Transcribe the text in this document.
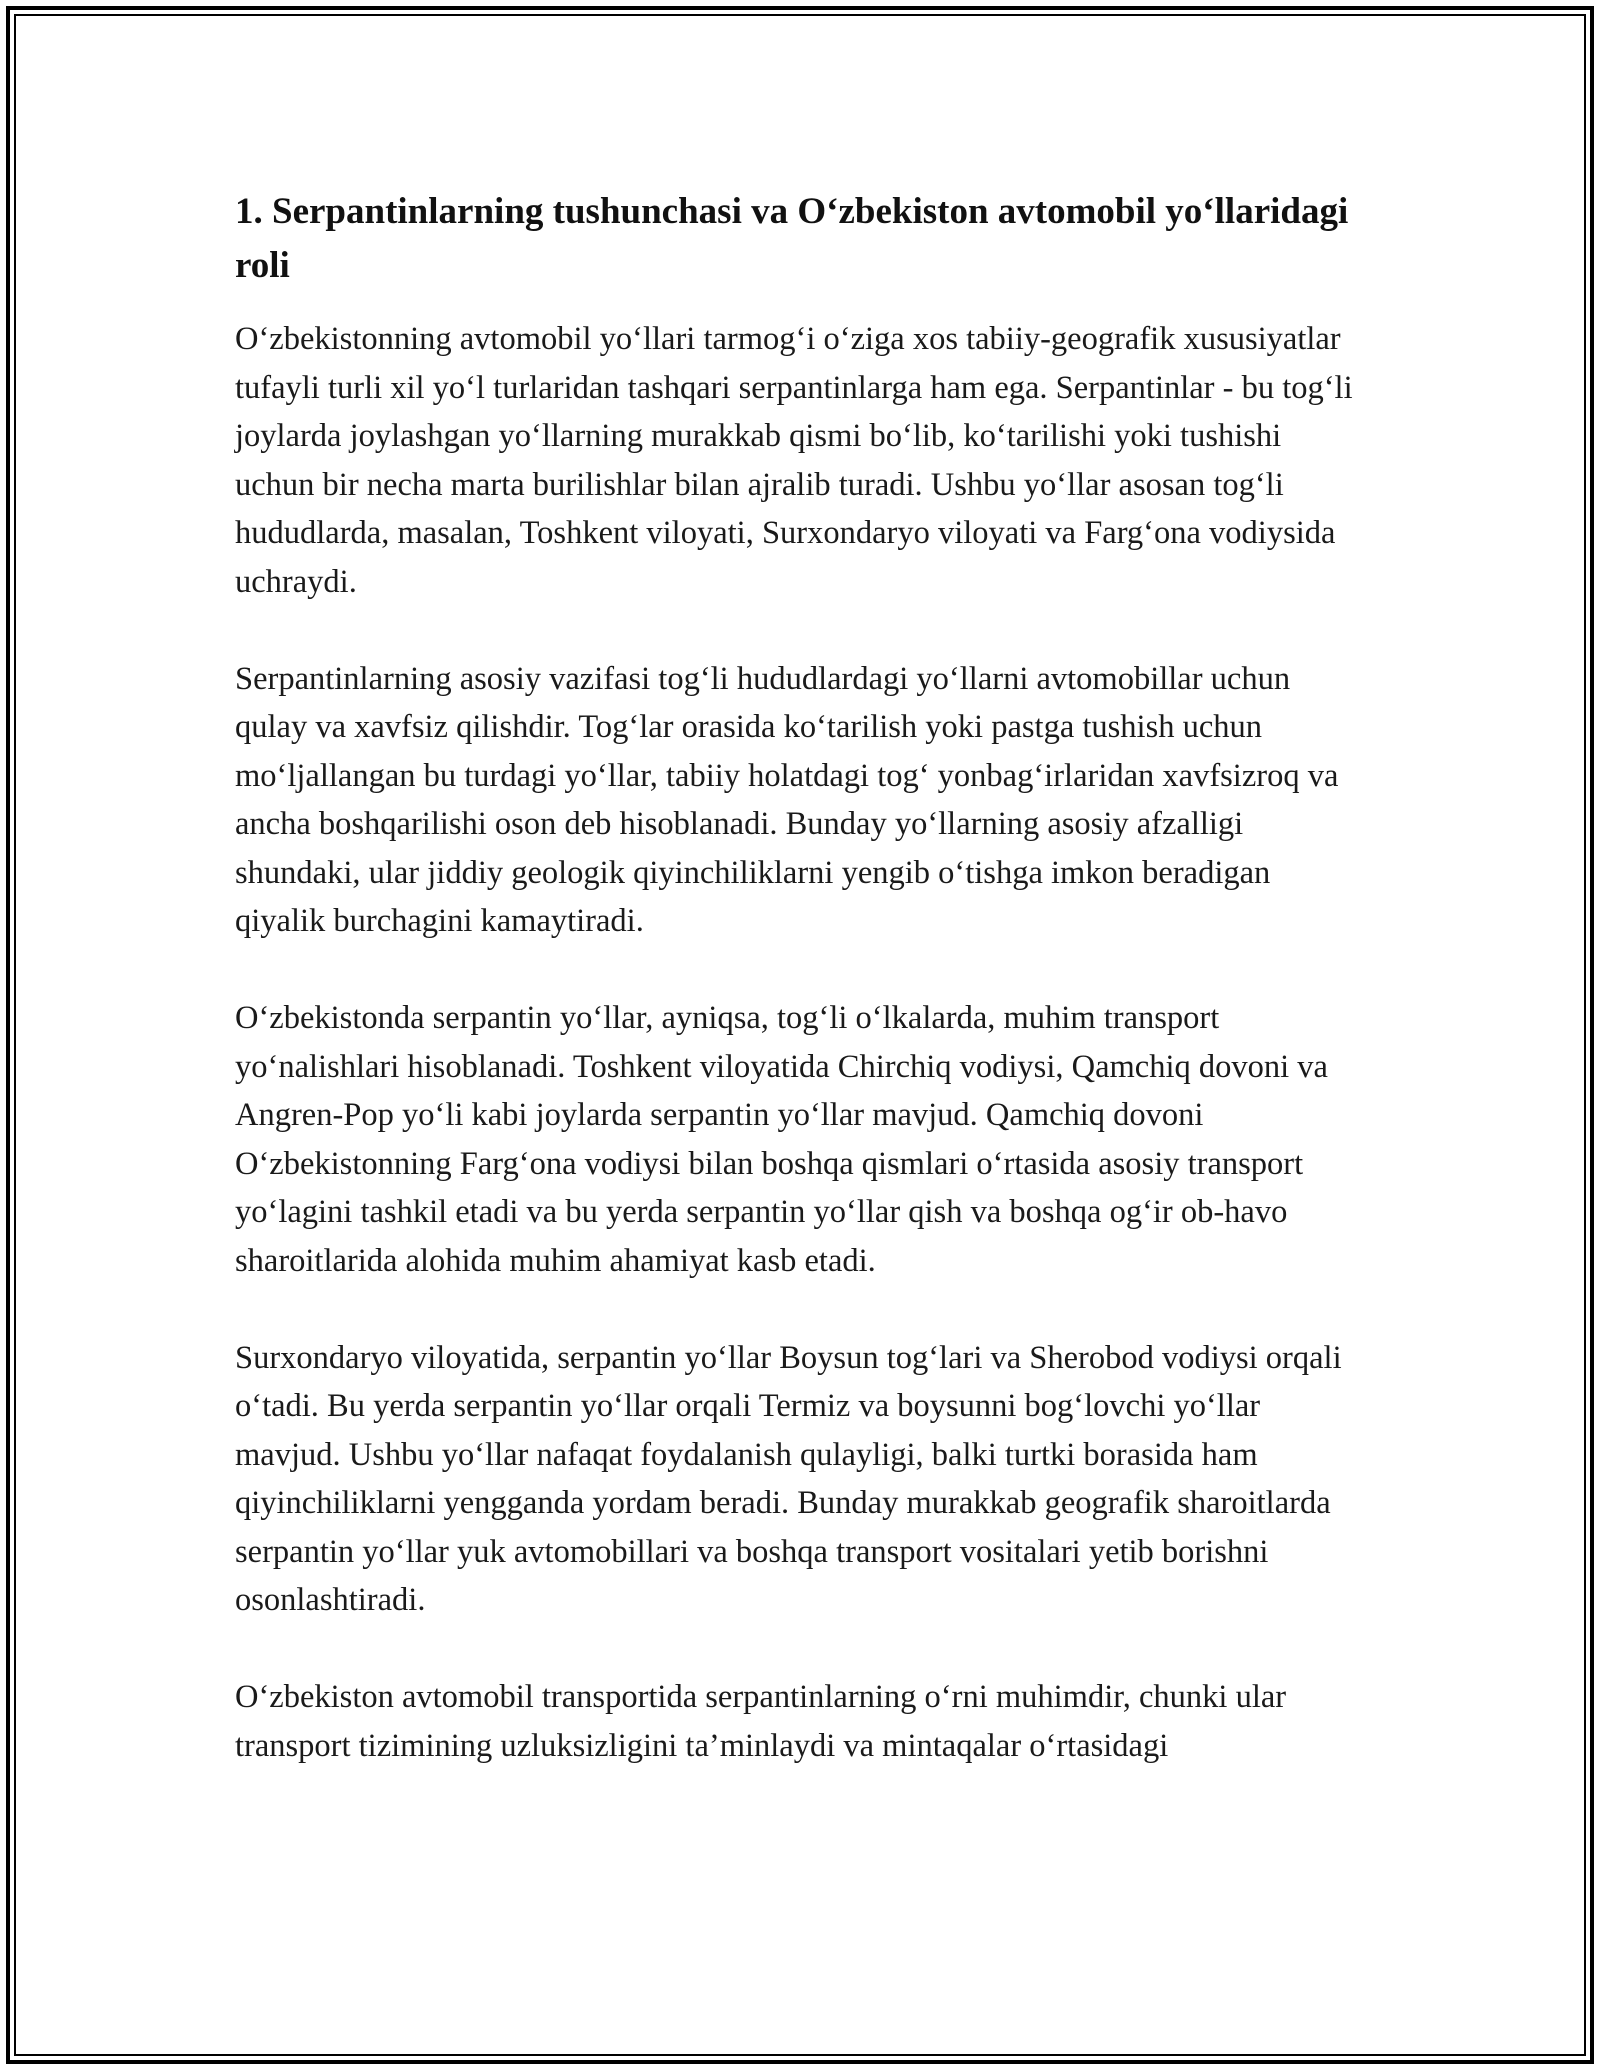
1. Serpantinlarning tushunchasi va O‘zbekiston avtomobil yo‘llaridagi roli

O‘zbekistonning avtomobil yo‘llari tarmog‘i o‘ziga xos tabiiy-geografik xususiyatlar tufayli turli xil yo‘l turlaridan tashqari serpantinlarga ham ega. Serpantinlar - bu tog‘li joylarda joylashgan yo‘llarning murakkab qismi bo‘lib, ko‘tarilishi yoki tushishi uchun bir necha marta burilishlar bilan ajralib turadi. Ushbu yo‘llar asosan tog‘li hududlarda, masalan, Toshkent viloyati, Surxondaryo viloyati va Farg‘ona vodiysida uchraydi.

Serpantinlarning asosiy vazifasi tog‘li hududlardagi yo‘llarni avtomobillar uchun qulay va xavfsiz qilishdir. Tog‘lar orasida ko‘tarilish yoki pastga tushish uchun mo‘ljallangan bu turdagi yo‘llar, tabiiy holatdagi tog‘ yonbag‘irlaridan xavfsizroq va ancha boshqarilishi oson deb hisoblanadi. Bunday yo‘llarning asosiy afzalligi shundaki, ular jiddiy geologik qiyinchiliklarni yengib o‘tishga imkon beradigan qiyalik burchagini kamaytiradi.

O‘zbekistonda serpantin yo‘llar, ayniqsa, tog‘li o‘lkalarda, muhim transport yo‘nalishlari hisoblanadi. Toshkent viloyatida Chirchiq vodiysi, Qamchiq dovoni va Angren-Pop yo‘li kabi joylarda serpantin yo‘llar mavjud. Qamchiq dovoni O‘zbekistonning Farg‘ona vodiysi bilan boshqa qismlari o‘rtasida asosiy transport yo‘lagini tashkil etadi va bu yerda serpantin yo‘llar qish va boshqa og‘ir ob-havo sharoitlarida alohida muhim ahamiyat kasb etadi.

Surxondaryo viloyatida, serpantin yo‘llar Boysun tog‘lari va Sherobod vodiysi orqali o‘tadi. Bu yerda serpantin yo‘llar orqali Termiz va boysunni bog‘lovchi yo‘llar mavjud. Ushbu yo‘llar nafaqat foydalanish qulayligi, balki turtki borasida ham qiyinchiliklarni yengganda yordam beradi. Bunday murakkab geografik sharoitlarda serpantin yo‘llar yuk avtomobillari va boshqa transport vositalari yetib borishni osonlashtiradi.

O‘zbekiston avtomobil transportida serpantinlarning o‘rni muhimdir, chunki ular transport tizimining uzluksizligini ta’minlaydi va mintaqalar o‘rtasidagi
